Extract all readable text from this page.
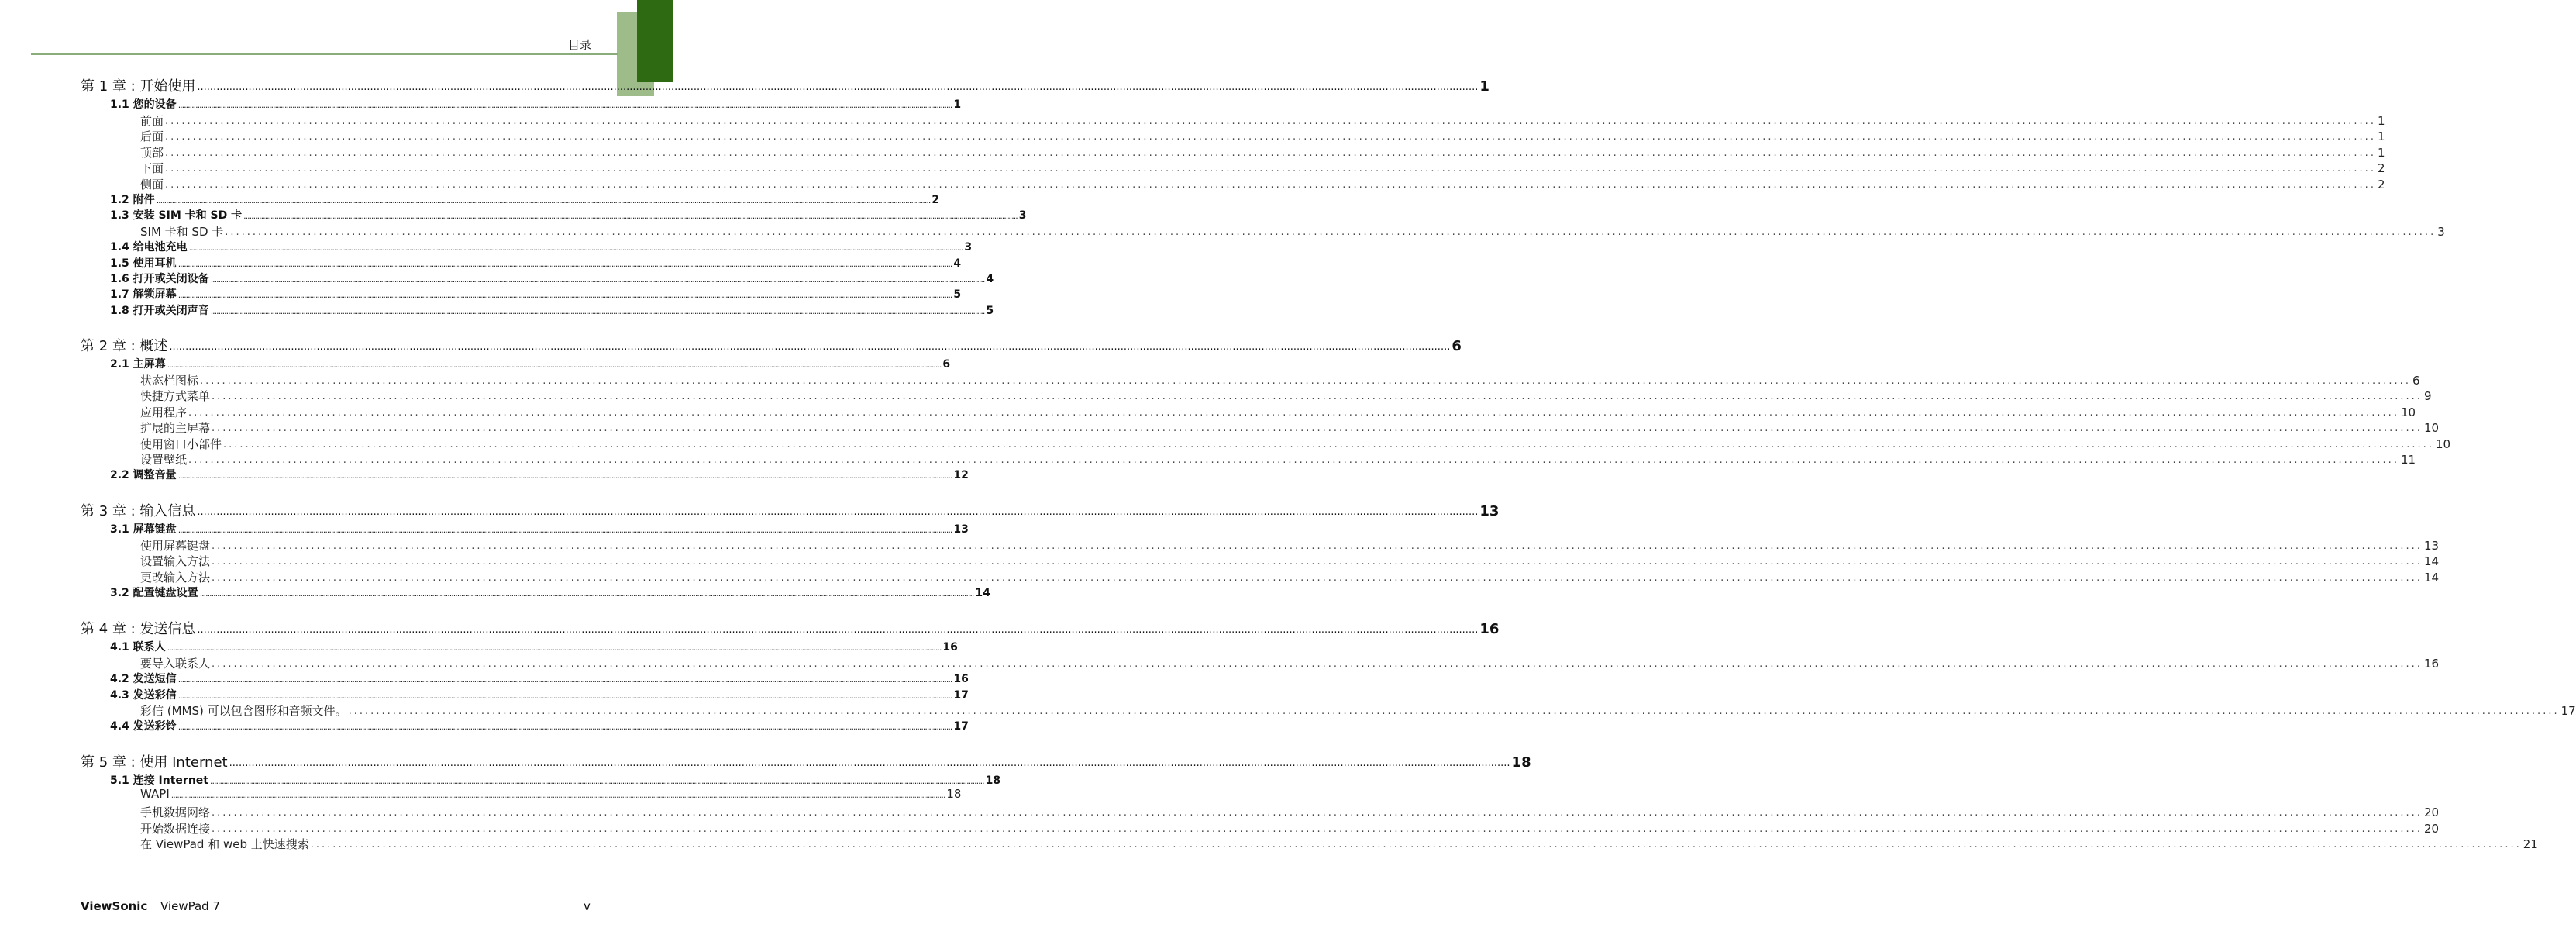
目录
第 1 章 : 开始使用 ................................................................................................................................................................................................................................................................................................................................................................................................................ 1
1.1 您的设备 ................................................................................................................................................................................................................................................................................................................................................................................................................ 1
前面 ................................................................................................................................................................................................................................................................................................................................................................................................................ 1
后面 ................................................................................................................................................................................................................................................................................................................................................................................................................ 1
顶部 ................................................................................................................................................................................................................................................................................................................................................................................................................ 1
下面 ................................................................................................................................................................................................................................................................................................................................................................................................................ 2
侧面 ................................................................................................................................................................................................................................................................................................................................................................................................................ 2
1.2 附件 ................................................................................................................................................................................................................................................................................................................................................................................................................ 2
1.3 安装 SIM 卡和 SD 卡 ................................................................................................................................................................................................................................................................................................................................................................................................................ 3
SIM 卡和 SD 卡 ................................................................................................................................................................................................................................................................................................................................................................................................................ 3
1.4 给电池充电 ................................................................................................................................................................................................................................................................................................................................................................................................................ 3
1.5 使用耳机 ................................................................................................................................................................................................................................................................................................................................................................................................................ 4
1.6 打开或关闭设备 ................................................................................................................................................................................................................................................................................................................................................................................................................ 4
1.7 解锁屏幕 ................................................................................................................................................................................................................................................................................................................................................................................................................ 5
1.8 打开或关闭声音 ................................................................................................................................................................................................................................................................................................................................................................................................................ 5
第 2 章 : 概述 ................................................................................................................................................................................................................................................................................................................................................................................................................ 6
2.1 主屏幕 ................................................................................................................................................................................................................................................................................................................................................................................................................ 6
状态栏图标 ................................................................................................................................................................................................................................................................................................................................................................................................................ 6
快捷方式菜单 ................................................................................................................................................................................................................................................................................................................................................................................................................ 9
应用程序 ................................................................................................................................................................................................................................................................................................................................................................................................................ 10
扩展的主屏幕 ................................................................................................................................................................................................................................................................................................................................................................................................................ 10
使用窗口小部件 ................................................................................................................................................................................................................................................................................................................................................................................................................ 10
设置壁纸 ................................................................................................................................................................................................................................................................................................................................................................................................................ 11
2.2 调整音量 ................................................................................................................................................................................................................................................................................................................................................................................................................ 12
第 3 章 : 输入信息 ................................................................................................................................................................................................................................................................................................................................................................................................................ 13
3.1 屏幕键盘 ................................................................................................................................................................................................................................................................................................................................................................................................................ 13
使用屏幕键盘 ................................................................................................................................................................................................................................................................................................................................................................................................................ 13
设置输入方法 ................................................................................................................................................................................................................................................................................................................................................................................................................ 14
更改输入方法 ................................................................................................................................................................................................................................................................................................................................................................................................................ 14
3.2 配置键盘设置 ................................................................................................................................................................................................................................................................................................................................................................................................................ 14
第 4 章 : 发送信息 ................................................................................................................................................................................................................................................................................................................................................................................................................ 16
4.1 联系人 ................................................................................................................................................................................................................................................................................................................................................................................................................ 16
要导入联系人 ................................................................................................................................................................................................................................................................................................................................................................................................................ 16
4.2 发送短信 ................................................................................................................................................................................................................................................................................................................................................................................................................ 16
4.3 发送彩信 ................................................................................................................................................................................................................................................................................................................................................................................................................ 17
彩信 (MMS) 可以包含图形和音频文件。 ................................................................................................................................................................................................................................................................................................................................................................................................................ 17
4.4 发送彩铃 ................................................................................................................................................................................................................................................................................................................................................................................................................ 17
第 5 章 : 使用 Internet ................................................................................................................................................................................................................................................................................................................................................................................................................ 18
5.1 连接 Internet ................................................................................................................................................................................................................................................................................................................................................................................................................ 18
WAPI ................................................................................................................................................................................................................................................................................................................................................................................................................ 18
手机数据网络 ................................................................................................................................................................................................................................................................................................................................................................................................................ 20
开始数据连接 ................................................................................................................................................................................................................................................................................................................................................................................................................ 20
在 ViewPad 和 web 上快速搜索 ................................................................................................................................................................................................................................................................................................................................................................................................................ 21
ViewSonic ViewPad 7	v
